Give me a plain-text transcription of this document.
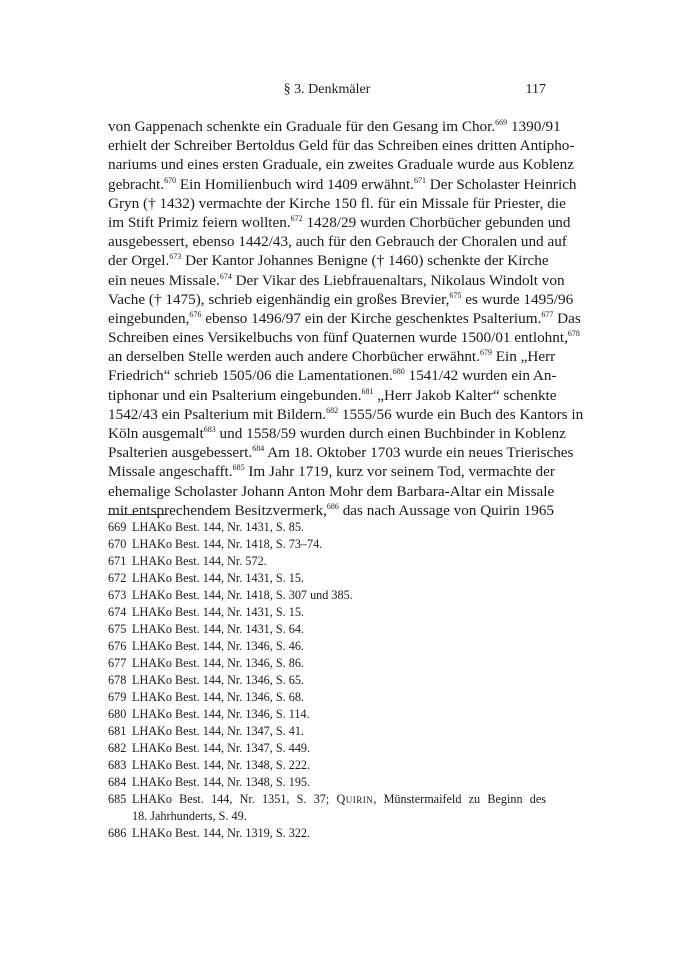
§ 3. Denkmäler	117
von Gappenach schenkte ein Graduale für den Gesang im Chor.$^{669}$ 1390/91
erhielt der Schreiber Bertoldus Geld für das Schreiben eines dritten Antipho-
nariums und eines ersten Graduale, ein zweites Graduale wurde aus Koblenz
gebracht.$^{670}$ Ein Homilienbuch wird 1409 erwähnt.$^{671}$ Der Scholaster Heinrich
Gryn († 1432) vermachte der Kirche 150 fl. für ein Missale für Priester, die
im Stift Primiz feiern wollten.$^{672}$ 1428/29 wurden Chorbücher gebunden und
ausgebessert, ebenso 1442/43, auch für den Gebrauch der Choralen und auf
der Orgel.$^{673}$ Der Kantor Johannes Benigne († 1460) schenkte der Kirche
ein neues Missale.$^{674}$ Der Vikar des Liebfrauenaltars, Nikolaus Windolt von
Vache († 1475), schrieb eigenhändig ein großes Brevier,$^{675}$ es wurde 1495/96
eingebunden,$^{676}$ ebenso 1496/97 ein der Kirche geschenktes Psalterium.$^{677}$ Das
Schreiben eines Versikelbuchs von fünf Quaternen wurde 1500/01 entlohnt,$^{678}$
an derselben Stelle werden auch andere Chorbücher erwähnt.$^{679}$ Ein „Herr
Friedrich“ schrieb 1505/06 die Lamentationen.$^{680}$ 1541/42 wurden ein An-
tiphonar und ein Psalterium eingebunden.$^{681}$ „Herr Jakob Kalter“ schenkte
1542/43 ein Psalterium mit Bildern.$^{682}$ 1555/56 wurde ein Buch des Kantors in
Köln ausgemalt$^{683}$ und 1558/59 wurden durch einen Buchbinder in Koblenz
Psalterien ausgebessert.$^{684}$ Am 18. Oktober 1703 wurde ein neues Trierisches
Missale angeschafft.$^{685}$ Im Jahr 1719, kurz vor seinem Tod, vermachte der
ehemalige Scholaster Johann Anton Mohr dem Barbara-Altar ein Missale
mit entsprechendem Besitzvermerk,$^{686}$ das nach Aussage von Quirin 1965
669 LHAKo Best. 144, Nr. 1431, S. 85.
670 LHAKo Best. 144, Nr. 1418, S. 73–74.
671 LHAKo Best. 144, Nr. 572.
672 LHAKo Best. 144, Nr. 1431, S. 15.
673 LHAKo Best. 144, Nr. 1418, S. 307 und 385.
674 LHAKo Best. 144, Nr. 1431, S. 15.
675 LHAKo Best. 144, Nr. 1431, S. 64.
676 LHAKo Best. 144, Nr. 1346, S. 46.
677 LHAKo Best. 144, Nr. 1346, S. 86.
678 LHAKo Best. 144, Nr. 1346, S. 65.
679 LHAKo Best. 144, Nr. 1346, S. 68.
680 LHAKo Best. 144, Nr. 1346, S. 114.
681 LHAKo Best. 144, Nr. 1347, S. 41.
682 LHAKo Best. 144, Nr. 1347, S. 449.
683 LHAKo Best. 144, Nr. 1348, S. 222.
684 LHAKo Best. 144, Nr. 1348, S. 195.
685 LHAKo Best. 144, Nr. 1351, S. 37; Quirin, Münstermaifeld zu Beginn des
18. Jahrhunderts, S. 49.
686 LHAKo Best. 144, Nr. 1319, S. 322.
